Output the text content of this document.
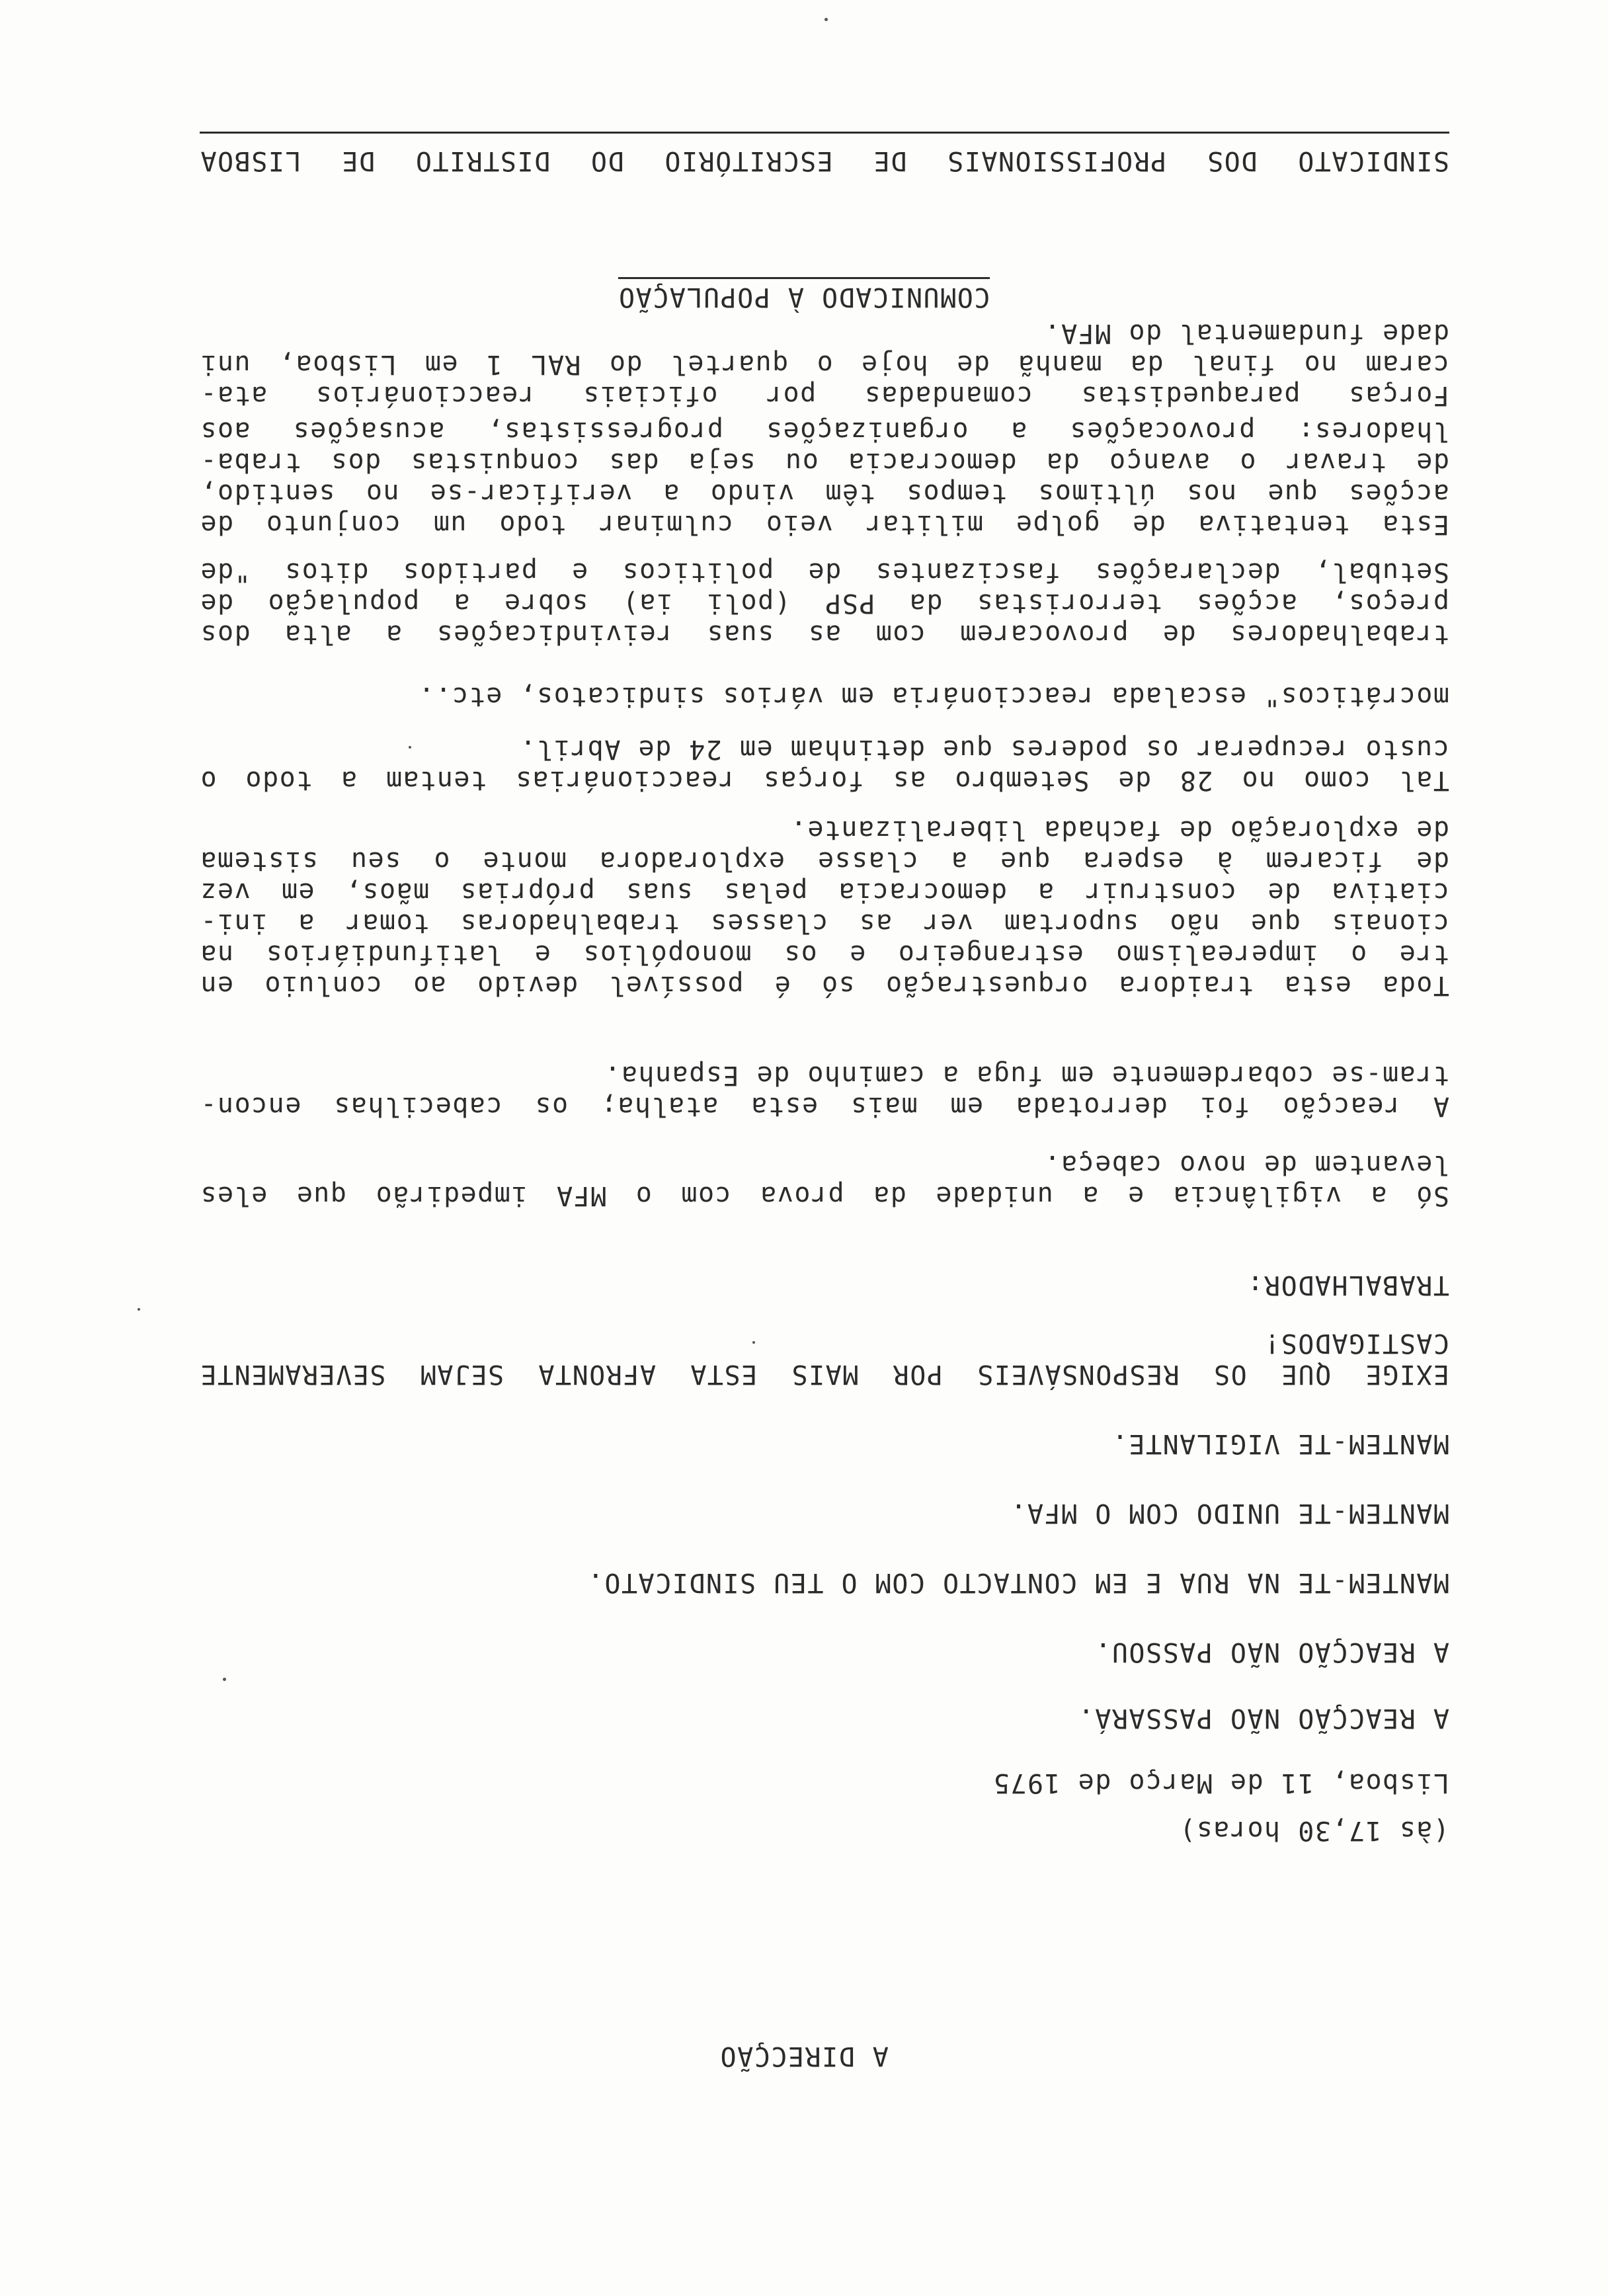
SINDICATO DOS PROFISSIONAIS DE ESCRITÓRIO DO DISTRITO DE LISBOA
COMUNICADO À POPULAÇÃO
Forças paraquedistas comandadas por oficiais reaccionários ata-
caram no final da manhã de hoje o quartel do RAL 1 em Lisboa, uni
dade fundamental do MFA.
Esta tentativa de golpe militar veio culminar todo um conjunto de
acções que nos últimos tempos têm vindo a verificar-se no sentido,
de travar o avanço da democracia ou seja das conquistas dos traba-
lhadores: provocações a organizações progressistas, acusações aos
trabalhadores de provocarem com as suas reivindicações a alta dos
preços, acções terroristas da PSP (poli ia) sobre a população de
Setubal, declarações fascizantes de politicos e partidos ditos "de
mocráticos" escalada reaccionária em vários sindicatos, etc..
Tal como no 28 de Setembro as forças reaccionárias tentam a todo o
custo recuperar os poderes que detinham em 24 de Abril.
Toda esta traidora orquestração só é possível devido ao conluio en
tre o imperealismo estrangeiro e os monopólios e latifundiários na
cionais que não suportam ver as classes trabalhadoras tomar a ini-
ciativa de construir a democracia pelas suas próprias mãos, em vez
de ficarem à espera que a classe exploradora monte o seu sistema
de exploração de fachada liberalizante.
A reacção foi derrotada em mais esta atalha; os cabecilhas encon-
tram-se cobardemente em fuga a caminho de Espanha.
Só a vigilância e a unidade da prova com o MFA impedirão que eles
levantem de novo cabeça.
TRABALHADOR:
EXIGE QUE OS RESPONSÁVEIS POR MAIS ESTA AFRONTA SEJAM SEVERAMENTE
CASTIGADOS!
MANTEM-TE VIGILANTE.
MANTEM-TE UNIDO COM O MFA.
MANTEM-TE NA RUA E EM CONTACTO COM O TEU SINDICATO.
A REACÇÃO NÃO PASSOU.
A REACÇÃO NÃO PASSARÁ.
Lisboa, 11 de Março de 1975
(às 17,30 horas)
A DIRECÇÃO
